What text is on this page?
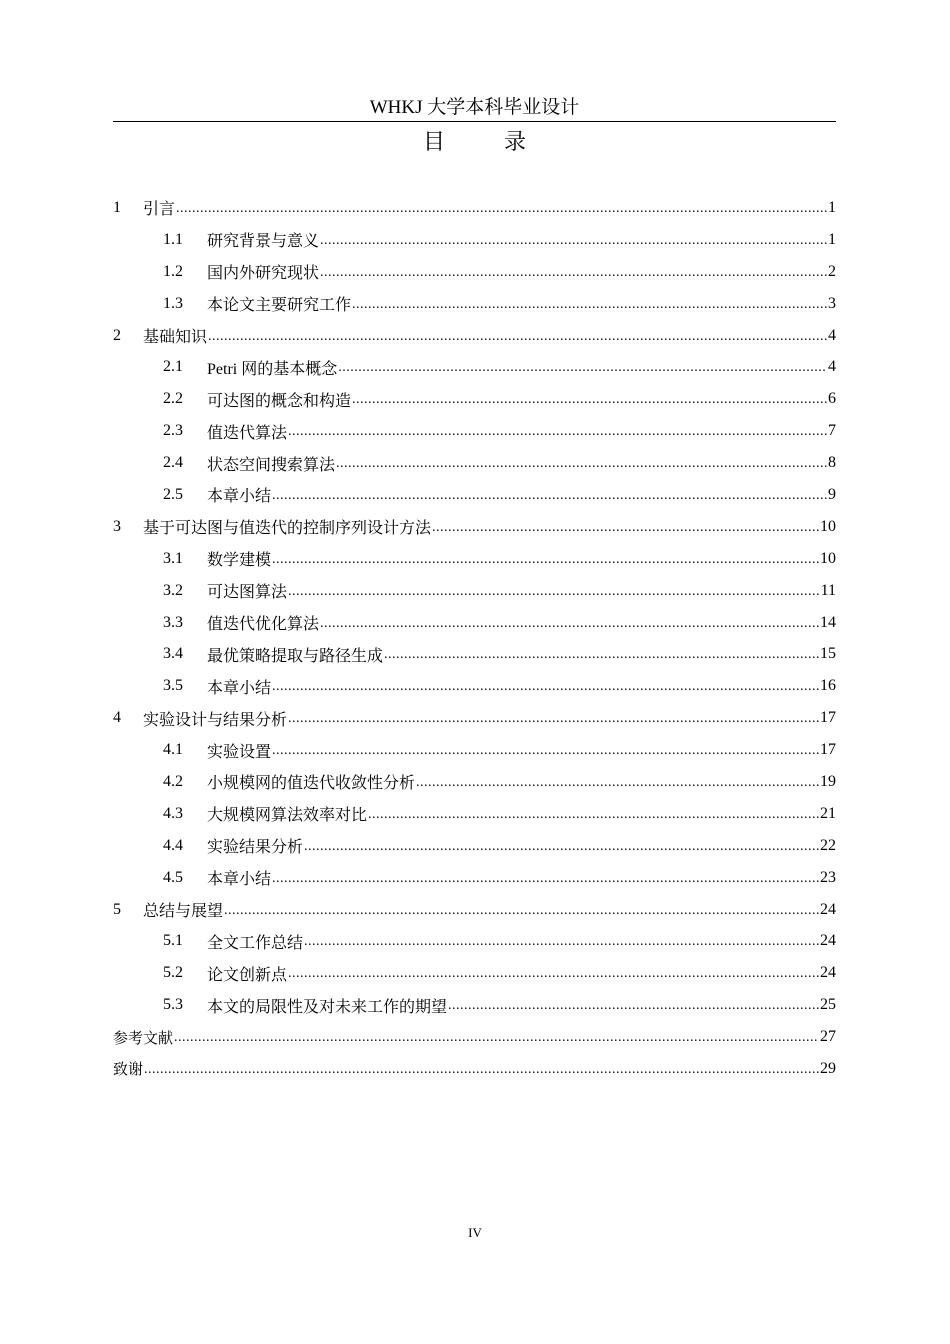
WHKJ 大学本科毕业设计
目 录
1	引言 .....	1
1.1	研究背景与意义 .....	1
1.2	国内外研究现状 .....	2
1.3	本论文主要研究工作 .....	3
2	基础知识 .....	4
2.1	Petri 网的基本概念 .....	4
2.2	可达图的概念和构造 .....	6
2.3	值迭代算法 .....	7
2.4	状态空间搜索算法 .....	8
2.5	本章小结 .....	9
3	基于可达图与值迭代的控制序列设计方法 .....	10
3.1	数学建模 .....	10
3.2	可达图算法 .....	11
3.3	值迭代优化算法 .....	14
3.4	最优策略提取与路径生成 .....	15
3.5	本章小结 .....	16
4	实验设计与结果分析 .....	17
4.1	实验设置 .....	17
4.2	小规模网的值迭代收敛性分析 .....	19
4.3	大规模网算法效率对比 .....	21
4.4	实验结果分析 .....	22
4.5	本章小结 .....	23
5	总结与展望 .....	24
5.1	全文工作总结 .....	24
5.2	论文创新点 .....	24
5.3	本文的局限性及对未来工作的期望 .....	25
参考文献 .....	27
致谢 .....	29
IV
